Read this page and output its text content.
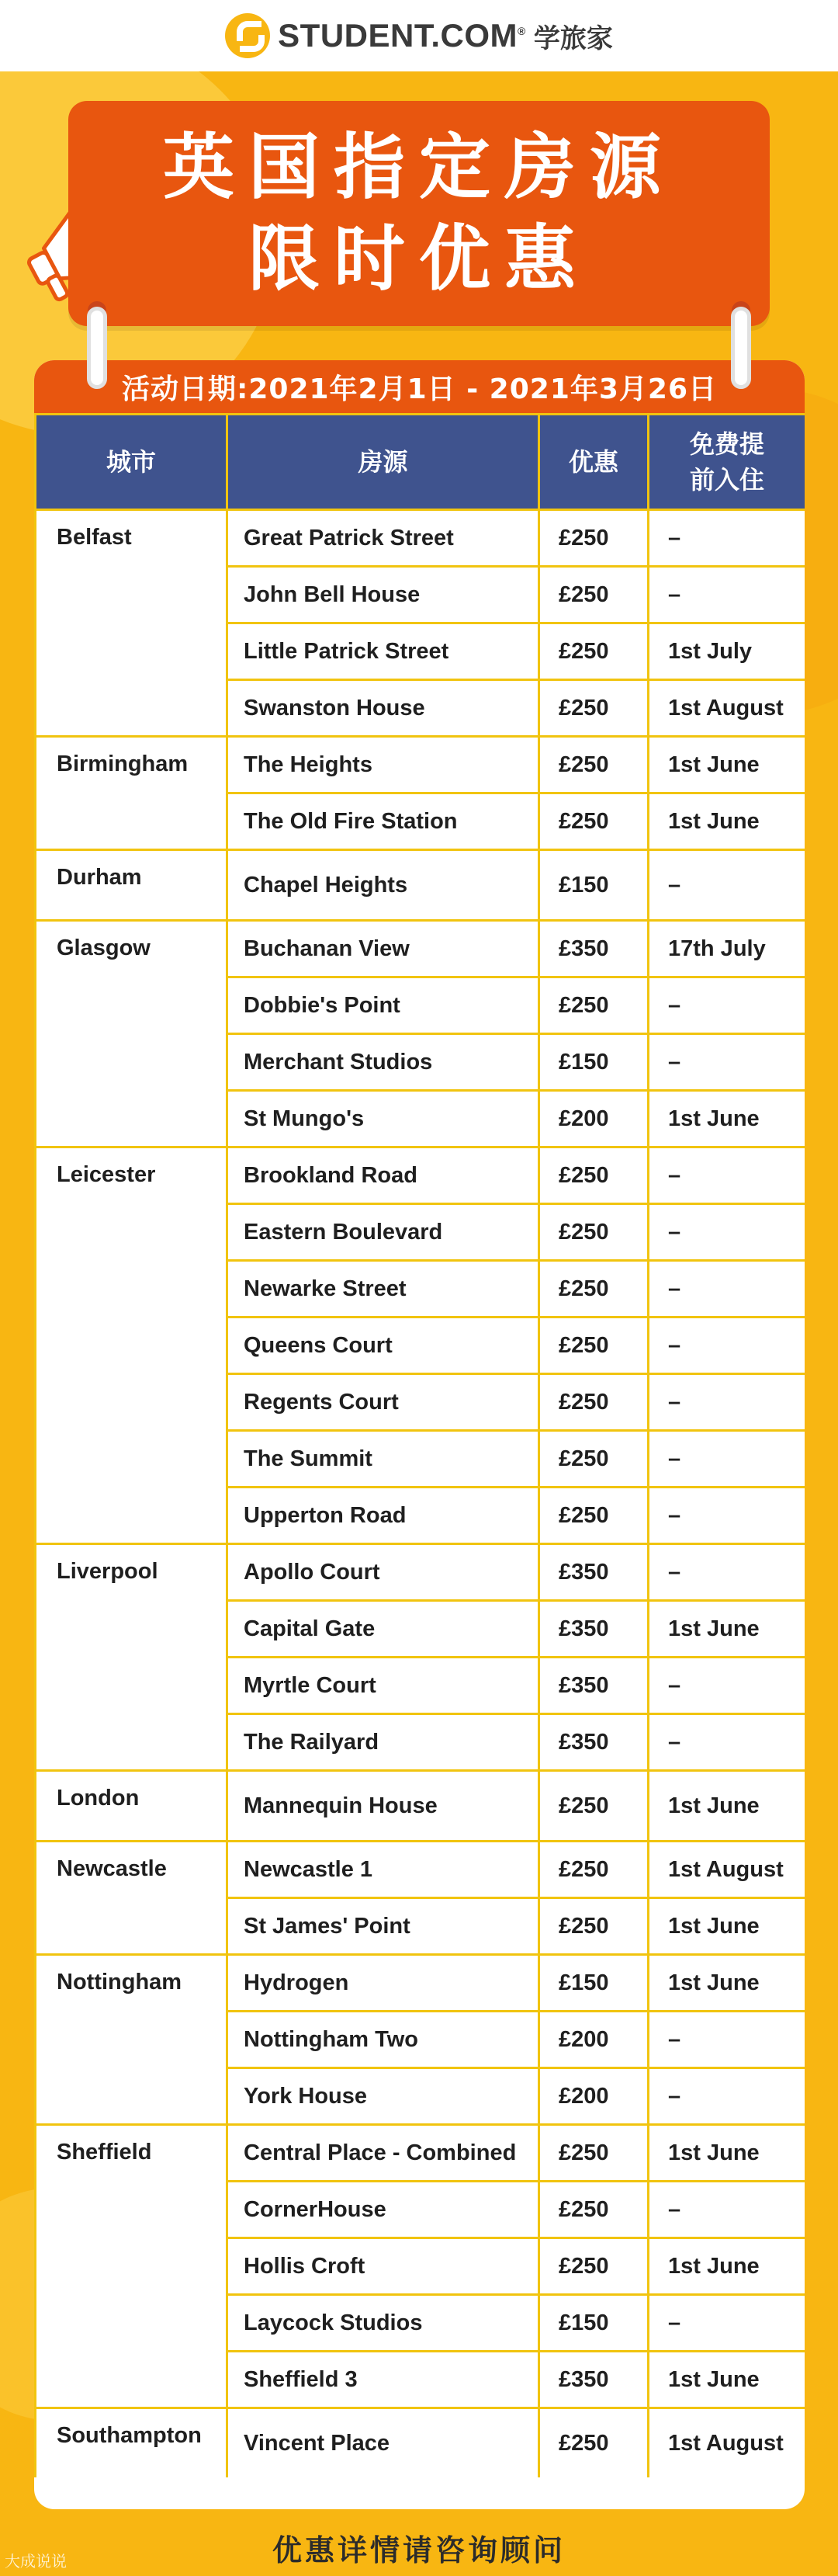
STUDENT.COM® 学旅家
英国指定房源
限时优惠
活动日期:2021年2月1日 - 2021年3月26日
城市	房源	优惠	免费提前入住
Belfast	Great Patrick Street	£250	–
	John Bell House	£250	–
	Little Patrick Street	£250	1st July
	Swanston House	£250	1st August
Birmingham	The Heights	£250	1st June
	The Old Fire Station	£250	1st June
Durham	Chapel Heights	£150	–
Glasgow	Buchanan View	£350	17th July
	Dobbie's Point	£250	–
	Merchant Studios	£150	–
	St Mungo's	£200	1st June
Leicester	Brookland Road	£250	–
	Eastern Boulevard	£250	–
	Newarke Street	£250	–
	Queens Court	£250	–
	Regents Court	£250	–
	The Summit	£250	–
	Upperton Road	£250	–
Liverpool	Apollo Court	£350	–
	Capital Gate	£350	1st June
	Myrtle Court	£350	–
	The Railyard	£350	–
London	Mannequin House	£250	1st June
Newcastle	Newcastle 1	£250	1st August
	St James' Point	£250	1st June
Nottingham	Hydrogen	£150	1st June
	Nottingham Two	£200	–
	York House	£200	–
Sheffield	Central Place - Combined	£250	1st June
	CornerHouse	£250	–
	Hollis Croft	£250	1st June
	Laycock Studios	£150	–
	Sheffield 3	£350	1st June
Southampton	Vincent Place	£250	1st August
优惠详情请咨询顾问
大成说说
